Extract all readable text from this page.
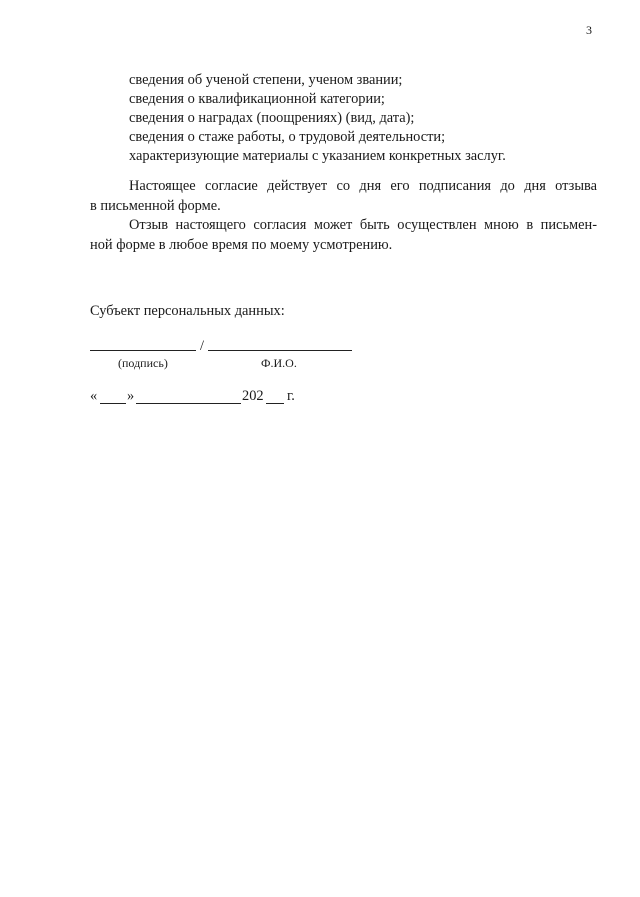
3
сведения об ученой степени, ученом звании;
сведения о квалификационной категории;
сведения о наградах (поощрениях) (вид, дата);
сведения о стаже работы, о трудовой деятельности;
характеризующие материалы с указанием конкретных заслуг.
Настоящее согласие действует со дня его подписания до дня отзыва
в письменной форме.
Отзыв настоящего согласия может быть осуществлен мною в письмен-
ной форме в любое время по моему усмотрению.
Субъект персональных данных:
/
(подпись)	Ф.И.О.
« »	202 г.
